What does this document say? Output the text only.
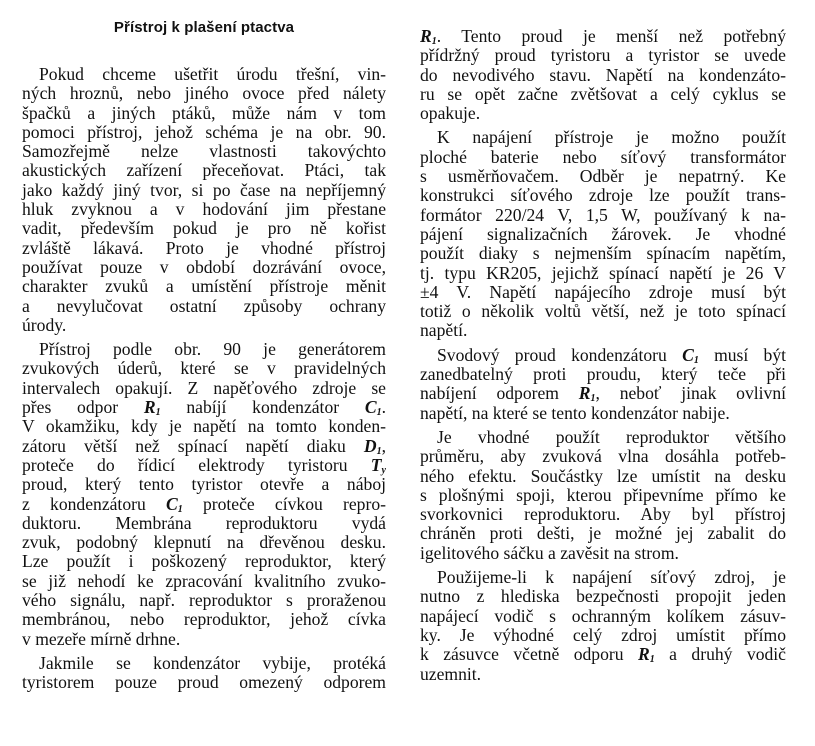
Přístroj k plašení ptactva
Pokud chceme ušetřit úrodu třešní, vin-
ných hroznů, nebo jiného ovoce před nálety
špačků a jiných ptáků, může nám v tom
pomoci přístroj, jehož schéma je na obr. 90.
Samozřejmě nelze vlastnosti takovýchto
akustických zařízení přeceňovat. Ptáci, tak
jako každý jiný tvor, si po čase na nepříjemný
hluk zvyknou a v hodování jim přestane
vadit, především pokud je pro ně kořist
zvláště lákavá. Proto je vhodné přístroj
používat pouze v období dozrávání ovoce,
charakter zvuků a umístění přístroje měnit
a nevylučovat ostatní způsoby ochrany
úrody.
Přístroj podle obr. 90 je generátorem
zvukových úderů, které se v pravidelných
intervalech opakují. Z napěťového zdroje se
přes odpor $R_1$ nabíjí kondenzátor $C_1$.
V okamžiku, kdy je napětí na tomto konden-
zátoru větší než spínací napětí diaku $D_1$,
proteče do řídicí elektrody tyristoru $T_y$
proud, který tento tyristor otevře a náboj
z kondenzátoru $C_1$ proteče cívkou repro-
duktoru. Membrána reproduktoru vydá
zvuk, podobný klepnutí na dřevěnou desku.
Lze použít i poškozený reproduktor, který
se již nehodí ke zpracování kvalitního zvuko-
vého signálu, např. reproduktor s proraženou
membránou, nebo reproduktor, jehož cívka
v mezeře mírně drhne.
Jakmile se kondenzátor vybije, protéká
tyristorem pouze proud omezený odporem
$R_1$. Tento proud je menší než potřebný
přídržný proud tyristoru a tyristor se uvede
do nevodivého stavu. Napětí na kondenzáto-
ru se opět začne zvětšovat a celý cyklus se
opakuje.
K napájení přístroje je možno použít
ploché baterie nebo síťový transformátor
s usměrňovačem. Odběr je nepatrný. Ke
konstrukci síťového zdroje lze použít trans-
formátor 220/24 V, 1,5 W, používaný k na-
pájení signalizačních žárovek. Je vhodné
použít diaky s nejmenším spínacím napětím,
tj. typu KR205, jejichž spínací napětí je 26 V
±4 V. Napětí napájecího zdroje musí být
totiž o několik voltů větší, než je toto spínací
napětí.
Svodový proud kondenzátoru $C_1$ musí být
zanedbatelný proti proudu, který teče při
nabíjení odporem $R_1$, neboť jinak ovlivní
napětí, na které se tento kondenzátor nabije.
Je vhodné použít reproduktor většího
průměru, aby zvuková vlna dosáhla potřeb-
ného efektu. Součástky lze umístit na desku
s plošnými spoji, kterou připevníme přímo ke
svorkovnici reproduktoru. Aby byl přístroj
chráněn proti dešti, je možné jej zabalit do
igelitového sáčku a zavěsit na strom.
Použijeme-li k napájení síťový zdroj, je
nutno z hlediska bezpečnosti propojit jeden
napájecí vodič s ochranným kolíkem zásuv-
ky. Je výhodné celý zdroj umístit přímo
k zásuvce včetně odporu $R_1$ a druhý vodič
uzemnit.
